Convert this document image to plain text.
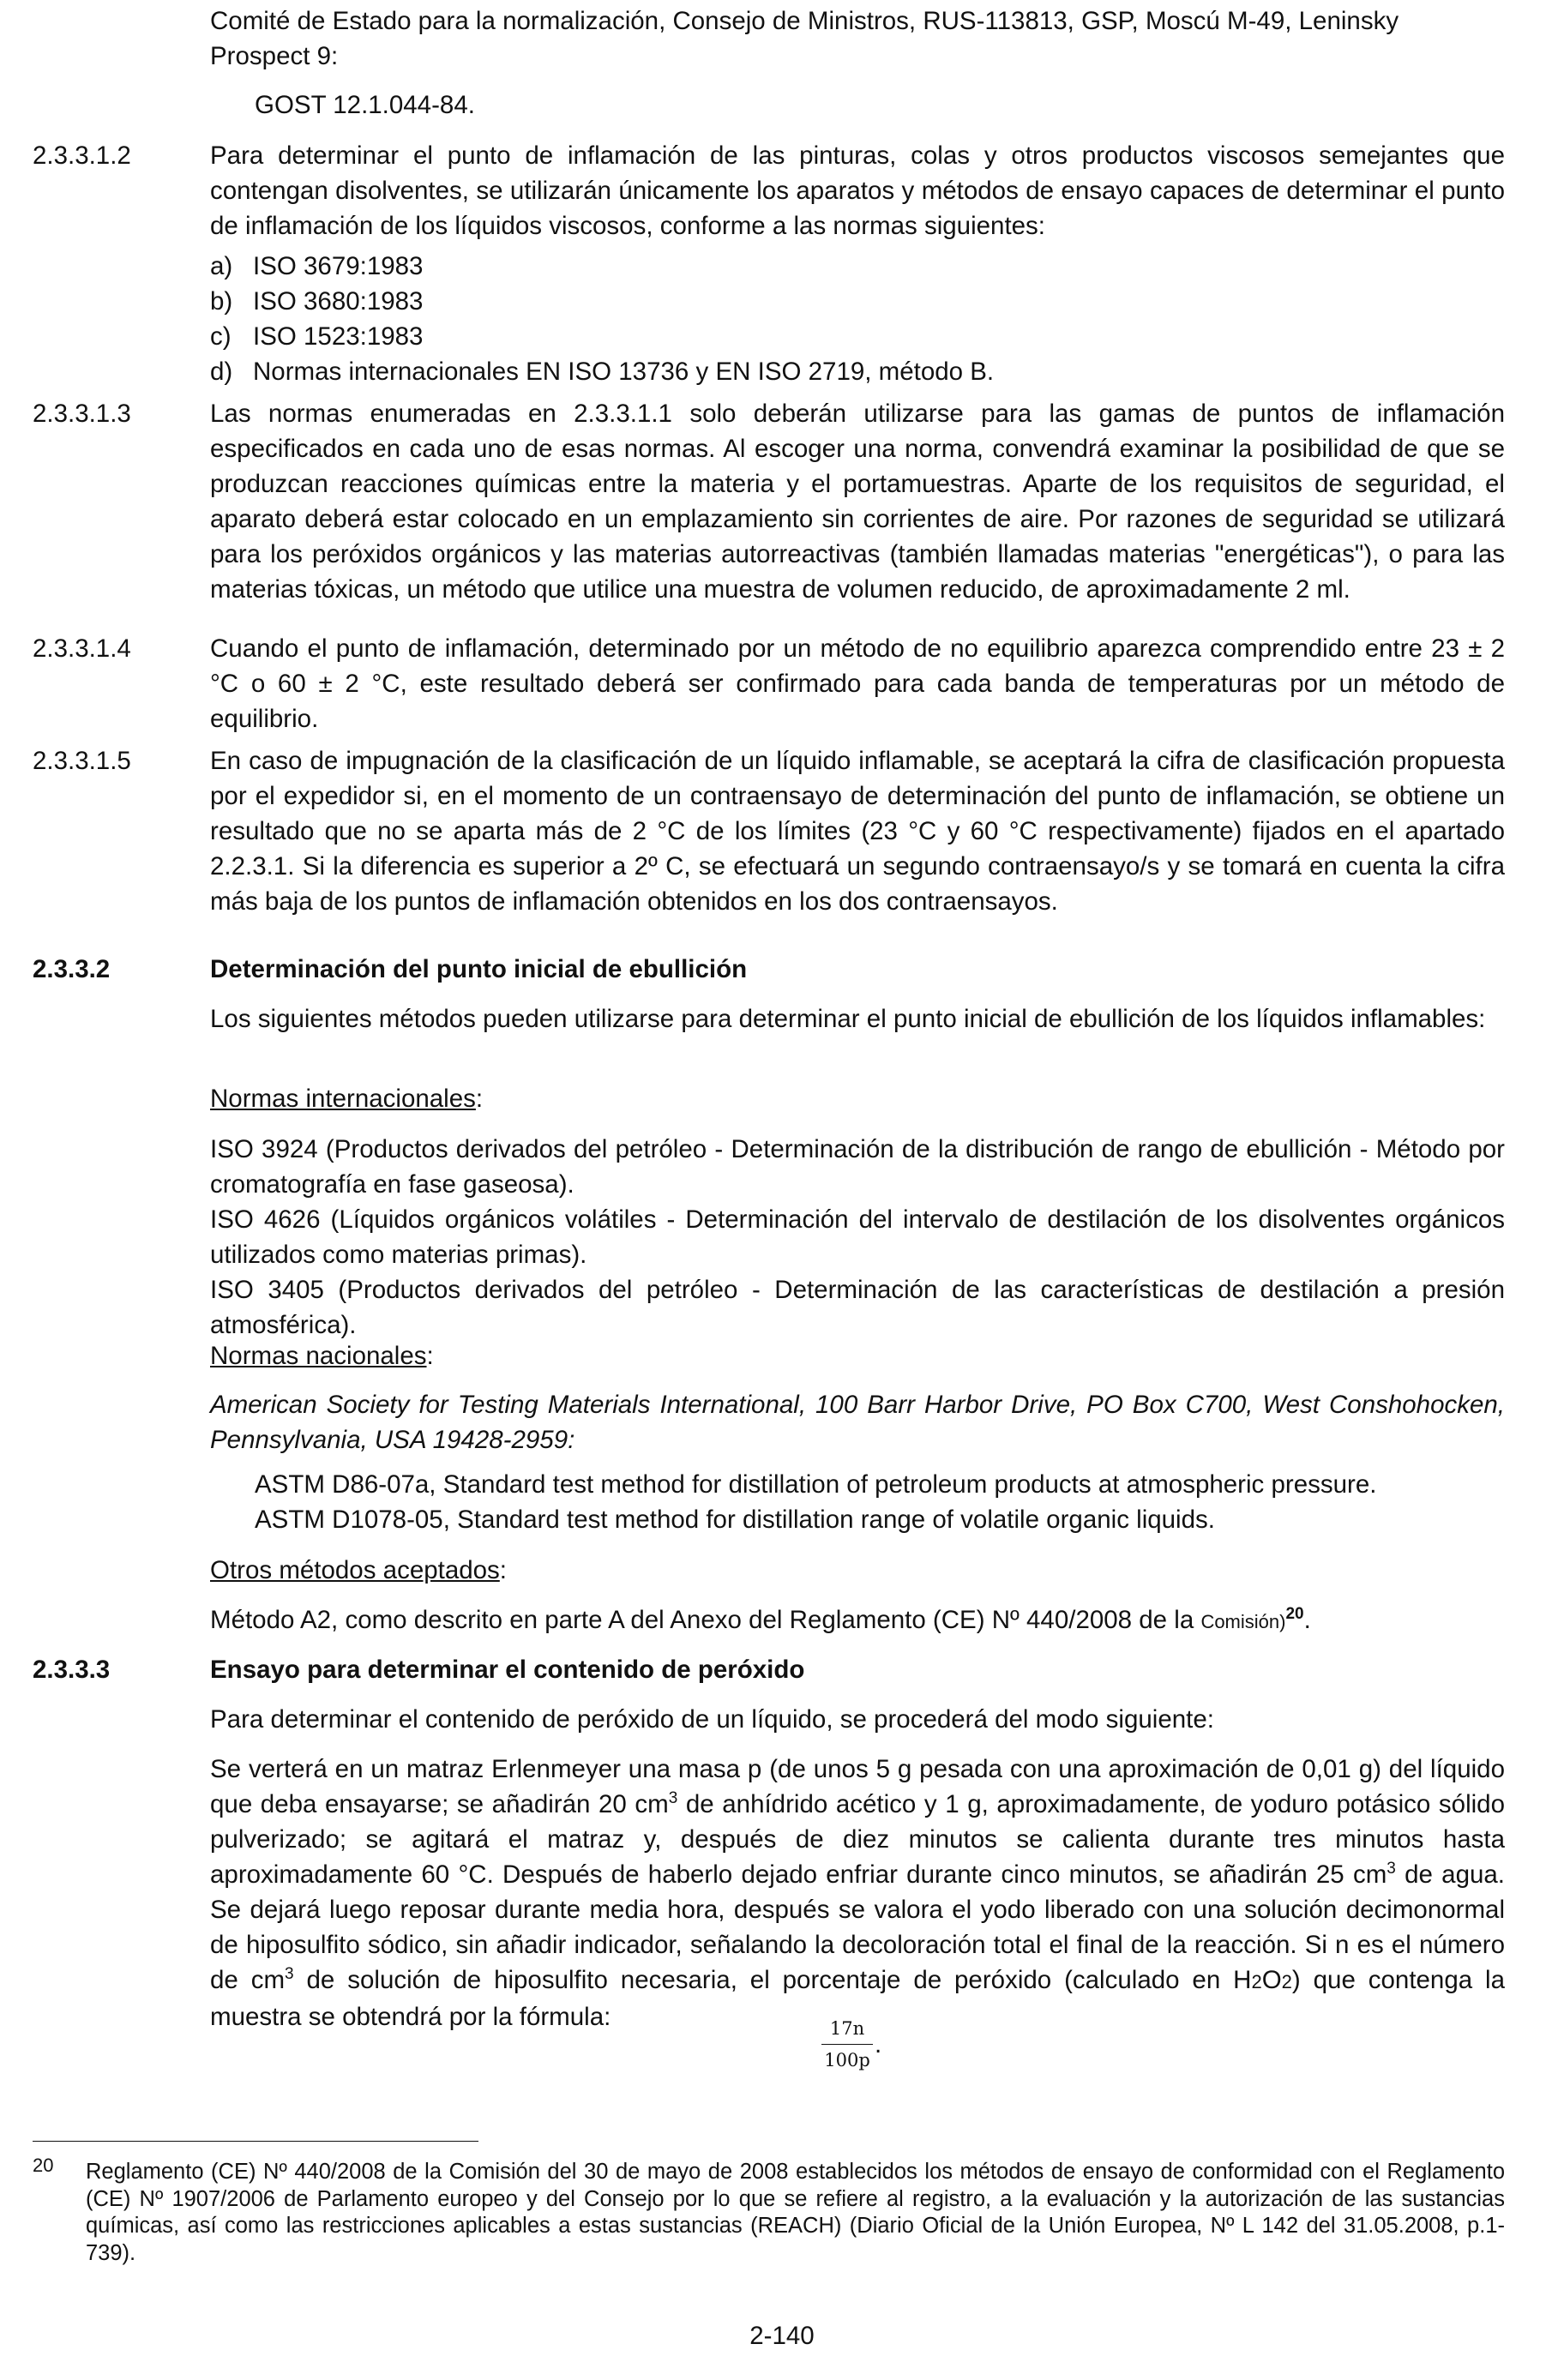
Comité de Estado para la normalización, Consejo de Ministros, RUS-113813, GSP, Moscú M-49, Leninsky Prospect 9:
GOST 12.1.044-84.
2.3.3.1.2	Para determinar el punto de inflamación de las pinturas, colas y otros productos viscosos semejantes que contengan disolventes, se utilizarán únicamente los aparatos y métodos de ensayo capaces de determinar el punto de inflamación de los líquidos viscosos, conforme a las normas siguientes:
a) ISO 3679:1983
b) ISO 3680:1983
c) ISO 1523:1983
d) Normas internacionales EN ISO 13736 y EN ISO 2719, método B.
2.3.3.1.3	Las normas enumeradas en 2.3.3.1.1 solo deberán utilizarse para las gamas de puntos de inflamación especificados en cada uno de esas normas. Al escoger una norma, convendrá examinar la posibilidad de que se produzcan reacciones químicas entre la materia y el portamuestras. Aparte de los requisitos de seguridad, el aparato deberá estar colocado en un emplazamiento sin corrientes de aire. Por razones de seguridad se utilizará para los peróxidos orgánicos y las materias autorreactivas (también llamadas materias "energéticas"), o para las materias tóxicas, un método que utilice una muestra de volumen reducido, de aproximadamente 2 ml.
2.3.3.1.4	Cuando el punto de inflamación, determinado por un método de no equilibrio aparezca comprendido entre 23 ± 2 °C o 60 ± 2 °C, este resultado deberá ser confirmado para cada banda de temperaturas por un método de equilibrio.
2.3.3.1.5	En caso de impugnación de la clasificación de un líquido inflamable, se aceptará la cifra de clasificación propuesta por el expedidor si, en el momento de un contraensayo de determinación del punto de inflamación, se obtiene un resultado que no se aparta más de 2 °C de los límites (23 °C y 60 °C respectivamente) fijados en el apartado 2.2.3.1. Si la diferencia es superior a 2º C, se efectuará un segundo contraensayo/s y se tomará en cuenta la cifra más baja de los puntos de inflamación obtenidos en los dos contraensayos.
2.3.3.2	Determinación del punto inicial de ebullición
Los siguientes métodos pueden utilizarse para determinar el punto inicial de ebullición de los líquidos inflamables:
Normas internacionales:
ISO 3924 (Productos derivados del petróleo - Determinación de la distribución de rango de ebullición - Método por cromatografía en fase gaseosa).
ISO 4626 (Líquidos orgánicos volátiles - Determinación del intervalo de destilación de los disolventes orgánicos utilizados como materias primas).
ISO 3405 (Productos derivados del petróleo - Determinación de las características de destilación a presión atmosférica).
Normas nacionales:
American Society for Testing Materials International, 100 Barr Harbor Drive, PO Box C700, West Conshohocken, Pennsylvania, USA 19428-2959:
ASTM D86-07a, Standard test method for distillation of petroleum products at atmospheric pressure.
ASTM D1078-05, Standard test method for distillation range of volatile organic liquids.
Otros métodos aceptados:
Método A2, como descrito en parte A del Anexo del Reglamento (CE) Nº 440/2008 de la Comisión)$^{20}$.
2.3.3.3	Ensayo para determinar el contenido de peróxido
Para determinar el contenido de peróxido de un líquido, se procederá del modo siguiente:
Se verterá en un matraz Erlenmeyer una masa p (de unos 5 g pesada con una aproximación de 0,01 g) del líquido que deba ensayarse; se añadirán 20 $cm^3$ de anhídrido acético y 1 g, aproximadamente, de yoduro potásico sólido pulverizado; se agitará el matraz y, después de diez minutos se calienta durante tres minutos hasta aproximadamente 60 °C. Después de haberlo dejado enfriar durante cinco minutos, se añadirán 25 $cm^3$ de agua. Se dejará luego reposar durante media hora, después se valora el yodo liberado con una solución decimonormal de hiposulfito sódico, sin añadir indicador, señalando la decoloración total el final de la reacción. Si n es el número de $cm^3$ de solución de hiposulfito necesaria, el porcentaje de peróxido (calculado en H2O2) que contenga la muestra se obtendrá por la fórmula:	17n
100p
.
20 Reglamento (CE) Nº 440/2008 de la Comisión del 30 de mayo de 2008 establecidos los métodos de ensayo de conformidad con el Reglamento (CE) Nº 1907/2006 de Parlamento europeo y del Consejo por lo que se refiere al registro, a la evaluación y la autorización de las sustancias químicas, así como las restricciones aplicables a estas sustancias (REACH) (Diario Oficial de la Unión Europea, Nº L 142 del 31.05.2008, p.1-739).
2-140
